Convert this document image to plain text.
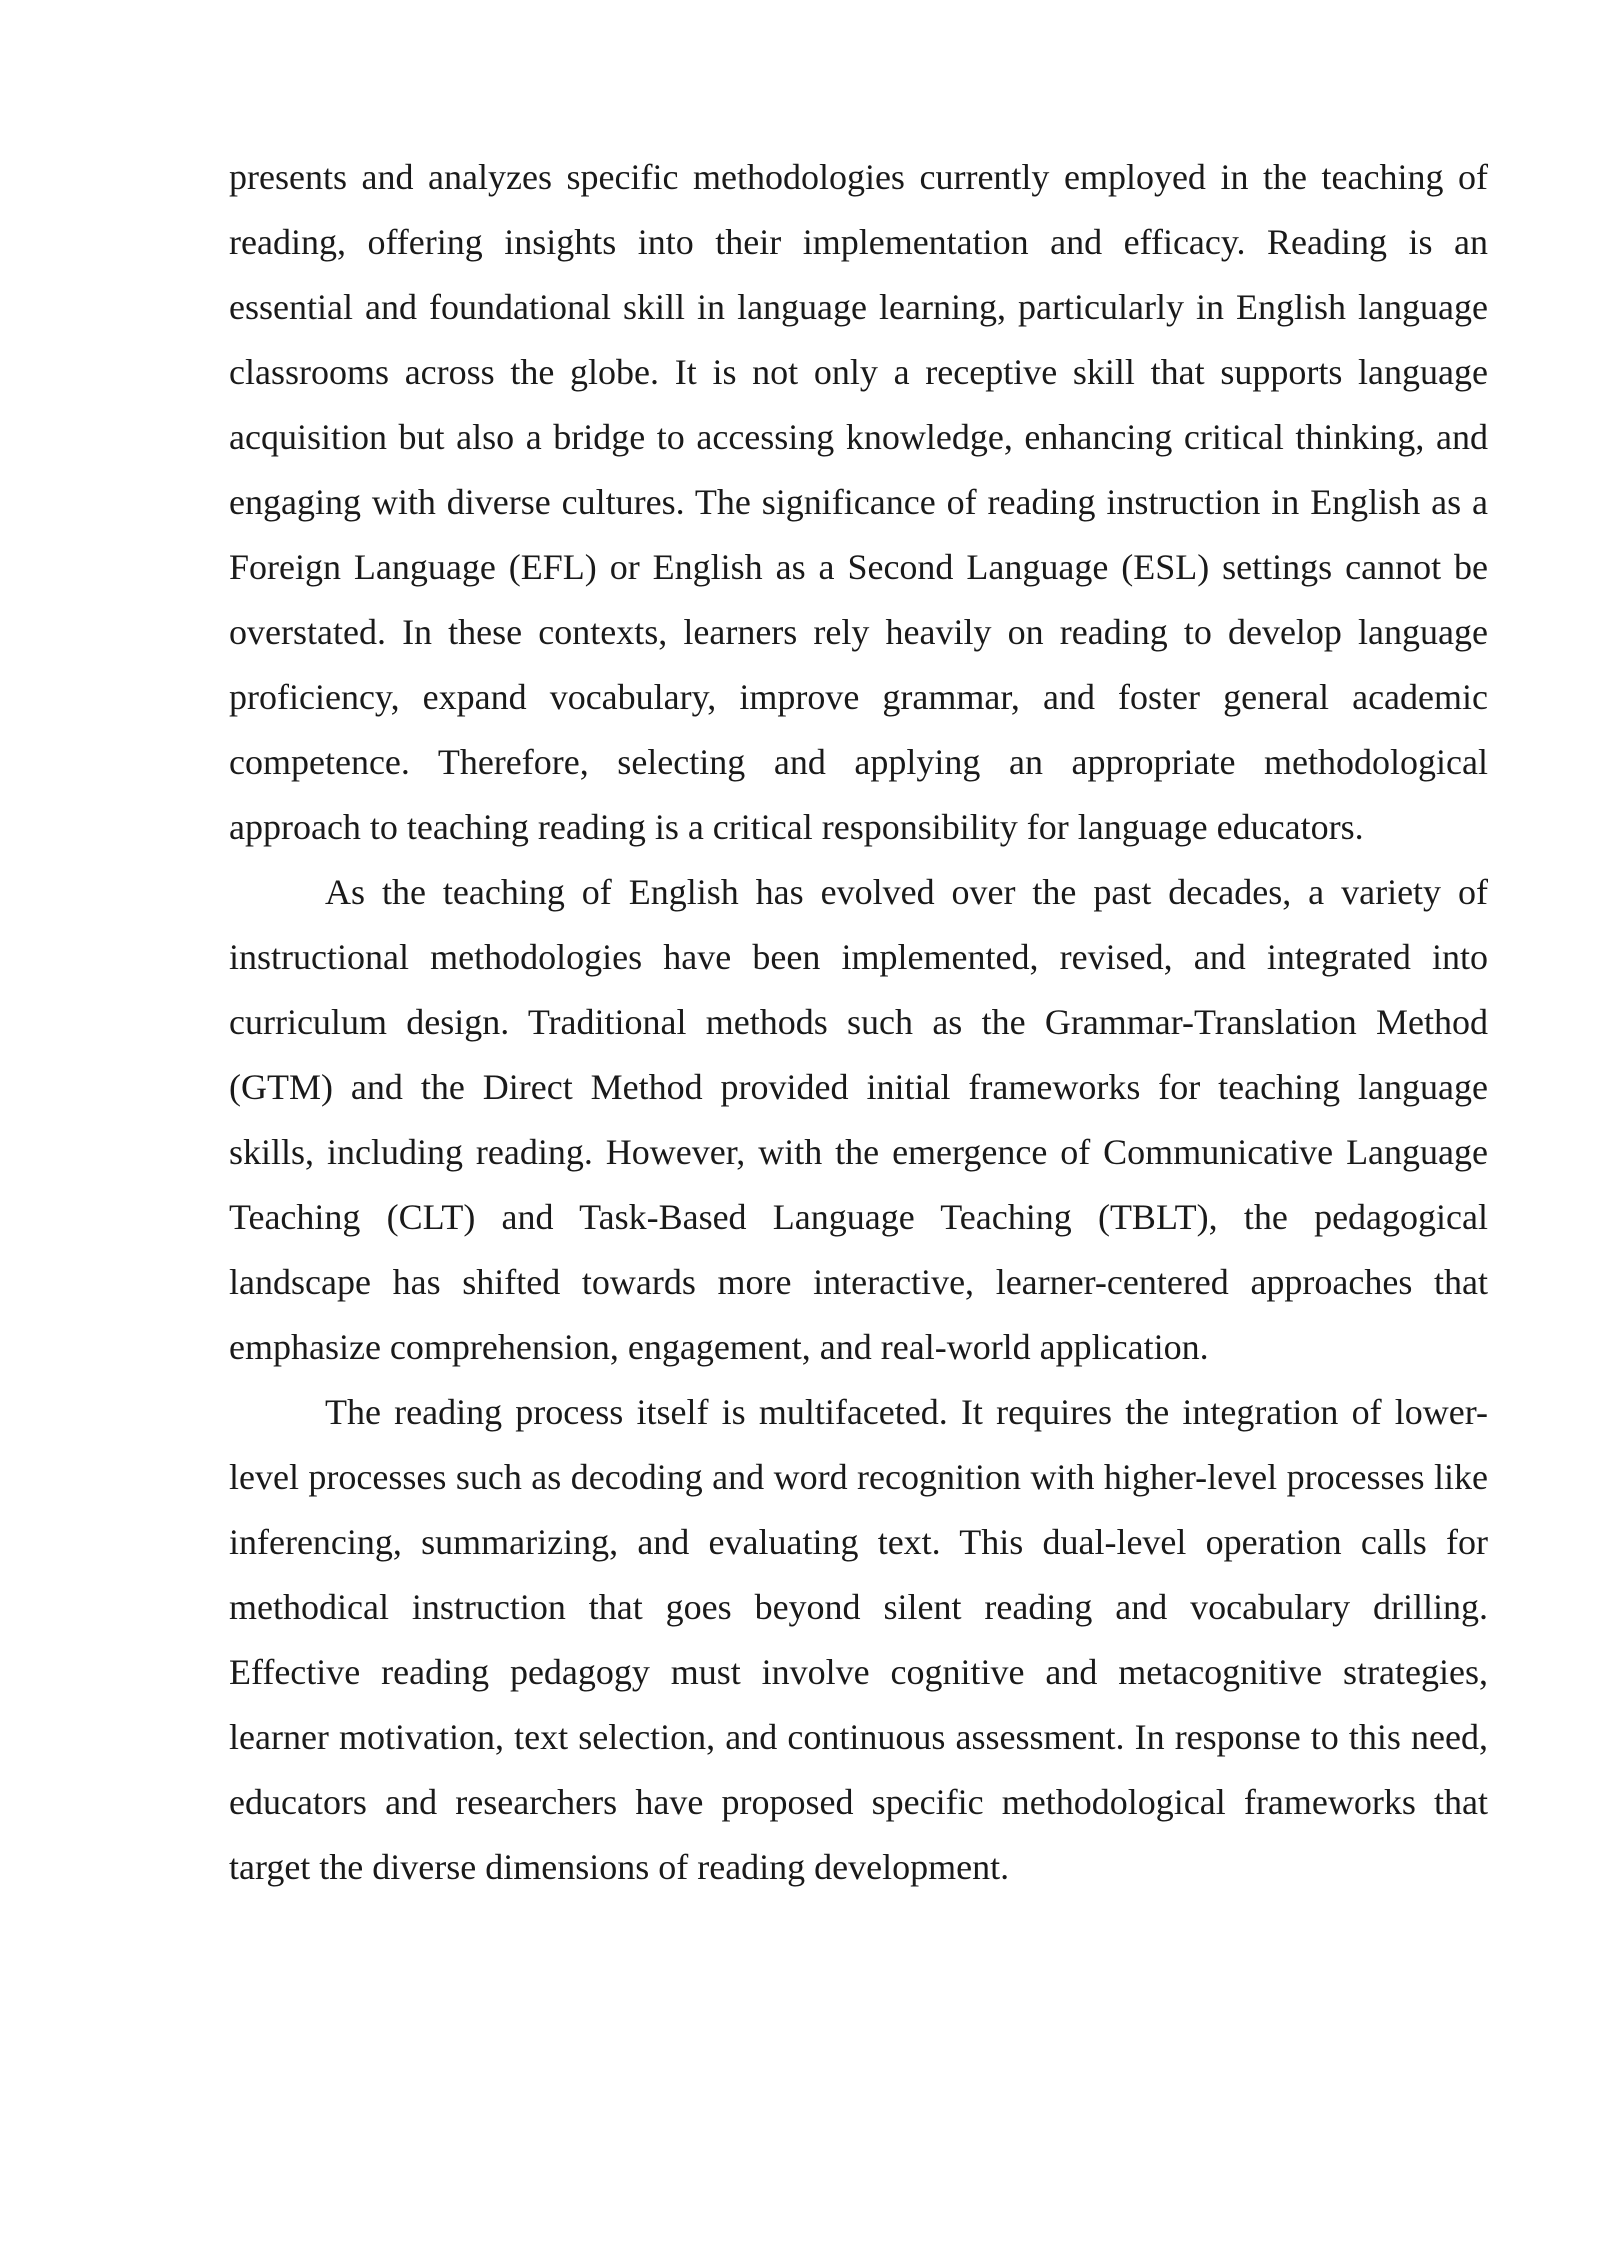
presents and analyzes specific methodologies currently employed in the teaching of reading, offering insights into their implementation and efficacy. Reading is an essential and foundational skill in language learning, particularly in English language classrooms across the globe. It is not only a receptive skill that supports language acquisition but also a bridge to accessing knowledge, enhancing critical thinking, and engaging with diverse cultures. The significance of reading instruction in English as a Foreign Language (EFL) or English as a Second Language (ESL) settings cannot be overstated. In these contexts, learners rely heavily on reading to develop language proficiency, expand vocabulary, improve grammar, and foster general academic competence. Therefore, selecting and applying an appropriate methodological approach to teaching reading is a critical responsibility for language educators.

As the teaching of English has evolved over the past decades, a variety of instructional methodologies have been implemented, revised, and integrated into curriculum design. Traditional methods such as the Grammar-Translation Method (GTM) and the Direct Method provided initial frameworks for teaching language skills, including reading. However, with the emergence of Communicative Language Teaching (CLT) and Task-Based Language Teaching (TBLT), the pedagogical landscape has shifted towards more interactive, learner-centered approaches that emphasize comprehension, engagement, and real-world application.

The reading process itself is multifaceted. It requires the integration of lower-level processes such as decoding and word recognition with higher-level processes like inferencing, summarizing, and evaluating text. This dual-level operation calls for methodical instruction that goes beyond silent reading and vocabulary drilling. Effective reading pedagogy must involve cognitive and metacognitive strategies, learner motivation, text selection, and continuous assessment. In response to this need, educators and researchers have proposed specific methodological frameworks that target the diverse dimensions of reading development.
